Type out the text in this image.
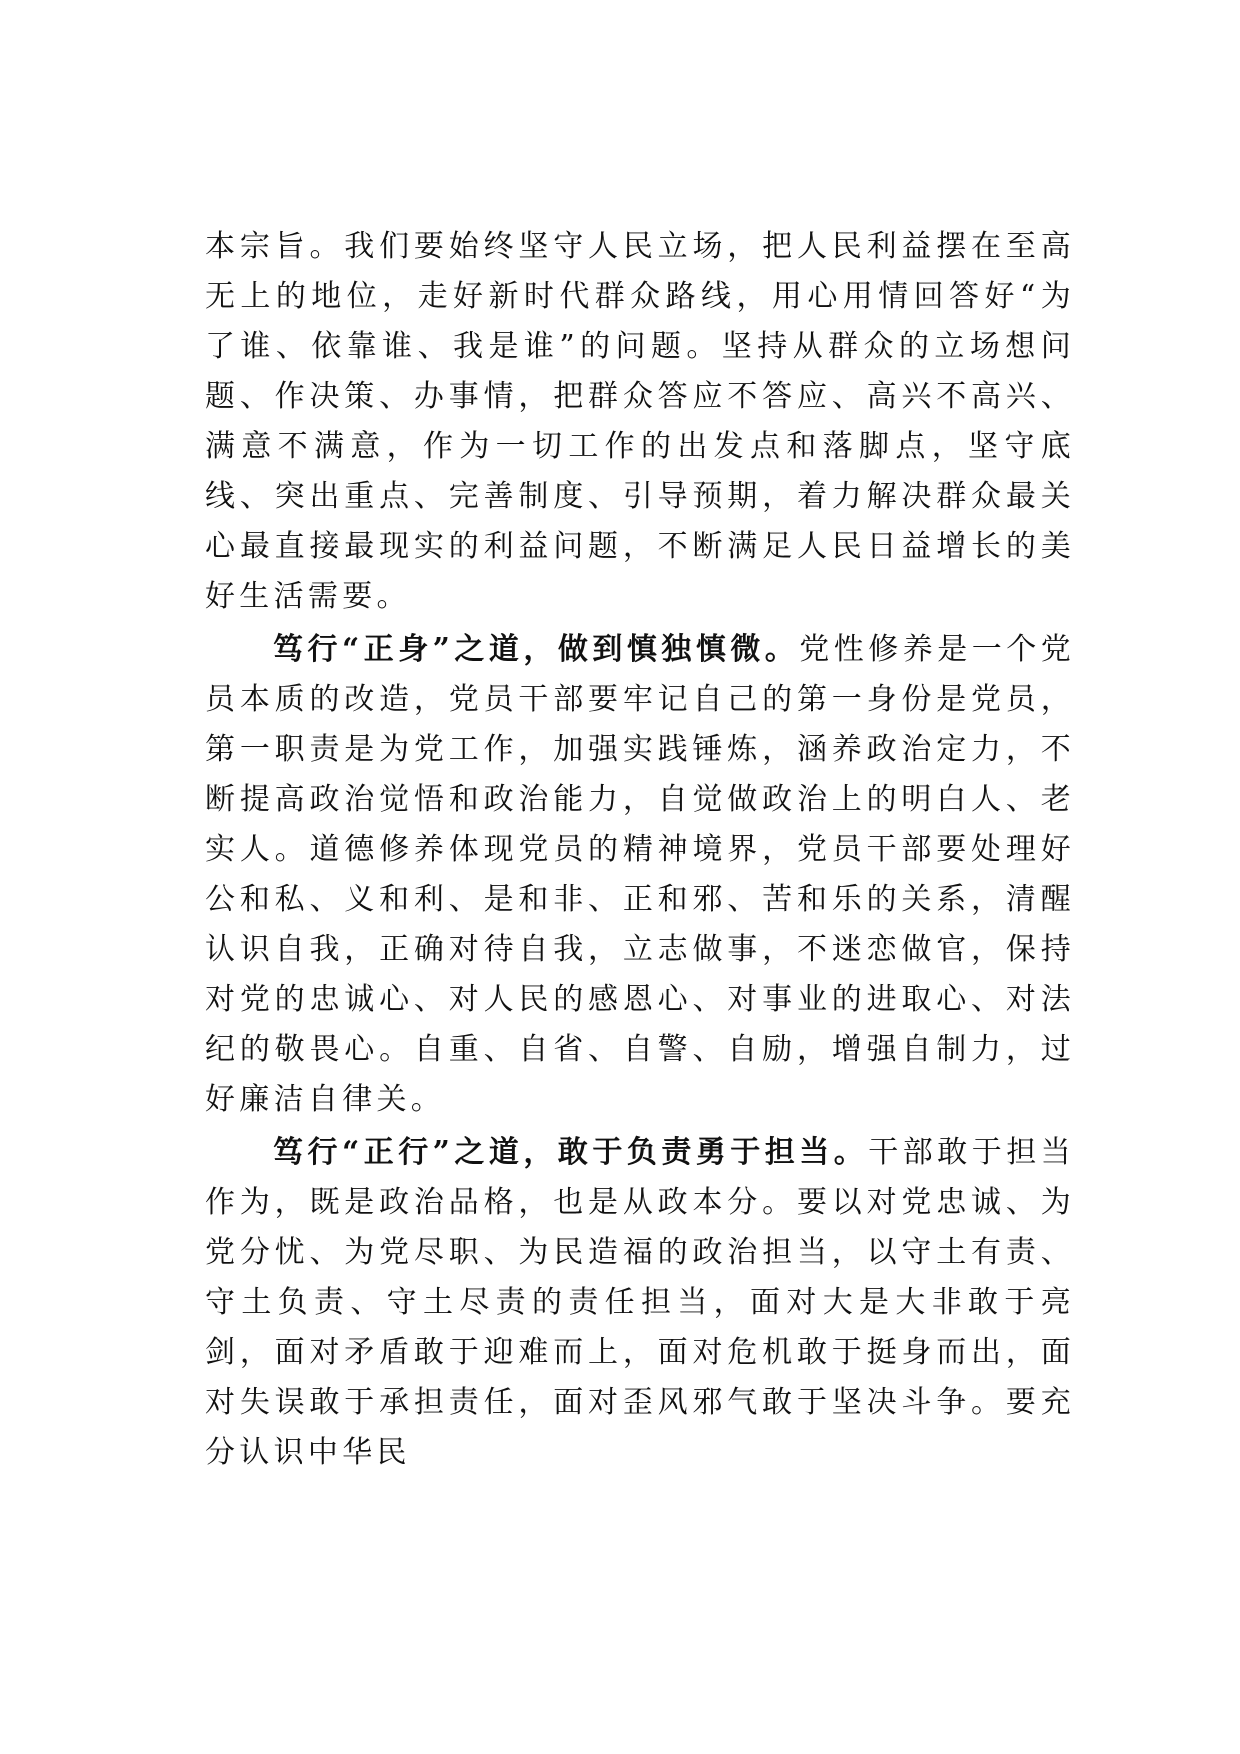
本宗旨。我们要始终坚守人民立场，把人民利益摆在至高无上的地位，走好新时代群众路线，用心用情回答好“为了谁、依靠谁、我是谁”的问题。坚持从群众的立场想问题、作决策、办事情，把群众答应不答应、高兴不高兴、满意不满意，作为一切工作的出发点和落脚点，坚守底线、突出重点、完善制度、引导预期，着力解决群众最关心最直接最现实的利益问题，不断满足人民日益增长的美好生活需要。

笃行“正身”之道，做到慎独慎微。党性修养是一个党员本质的改造，党员干部要牢记自己的第一身份是党员，第一职责是为党工作，加强实践锤炼，涵养政治定力，不断提高政治觉悟和政治能力，自觉做政治上的明白人、老实人。道德修养体现党员的精神境界，党员干部要处理好公和私、义和利、是和非、正和邪、苦和乐的关系，清醒认识自我，正确对待自我，立志做事，不迷恋做官，保持对党的忠诚心、对人民的感恩心、对事业的进取心、对法纪的敬畏心。自重、自省、自警、自励，增强自制力，过好廉洁自律关。

笃行“正行”之道，敢于负责勇于担当。干部敢于担当作为，既是政治品格，也是从政本分。要以对党忠诚、为党分忧、为党尽职、为民造福的政治担当，以守土有责、守土负责、守土尽责的责任担当，面对大是大非敢于亮剑，面对矛盾敢于迎难而上，面对危机敢于挺身而出，面对失误敢于承担责任，面对歪风邪气敢于坚决斗争。要充分认识中华民
